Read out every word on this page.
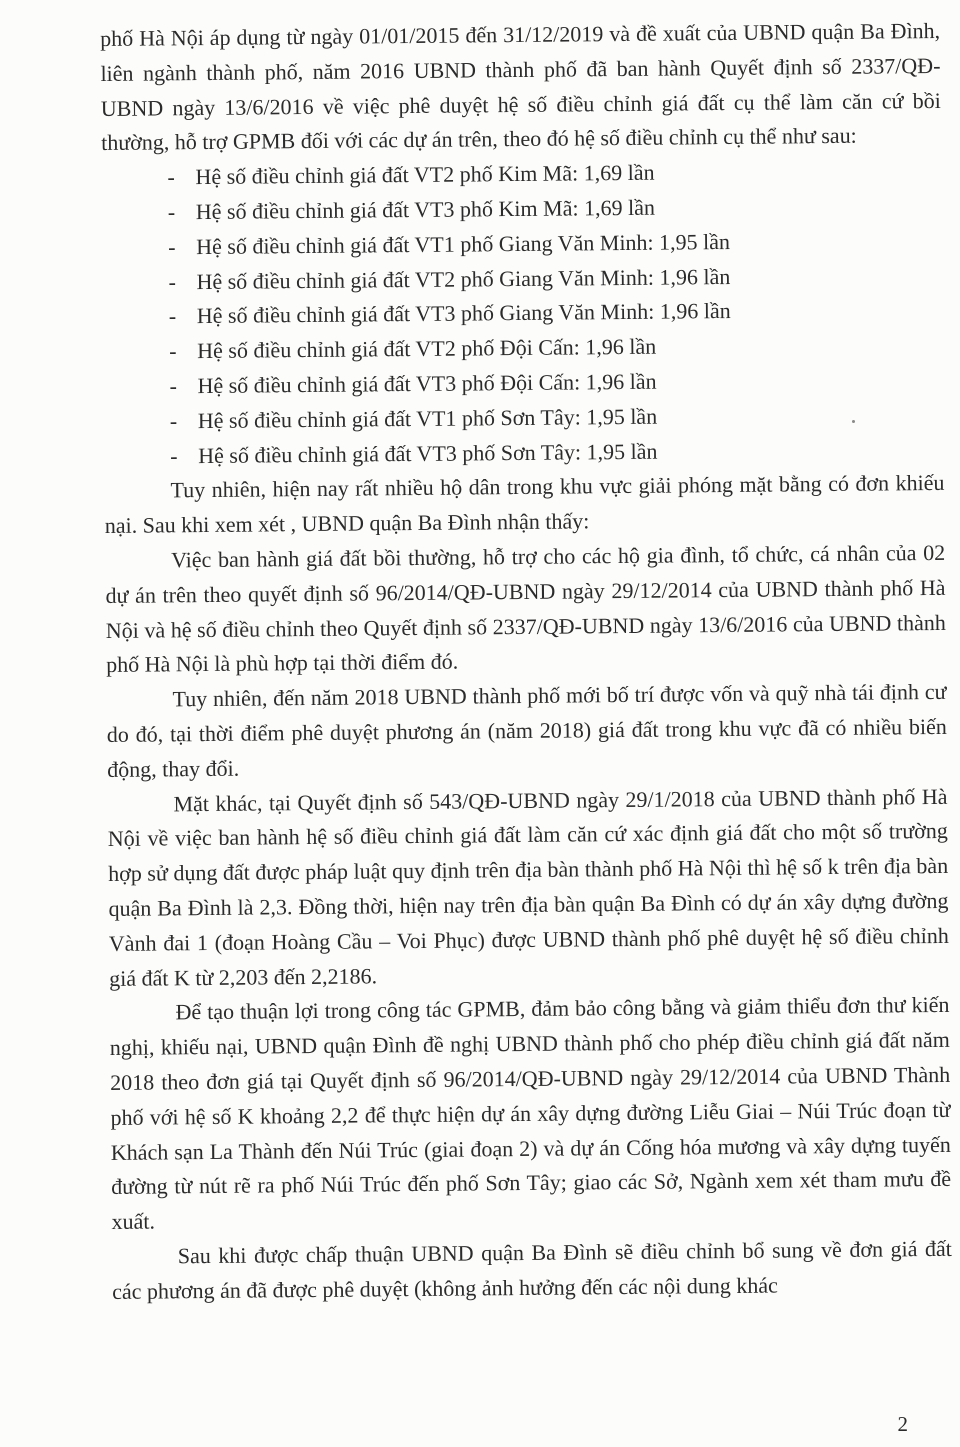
phố Hà Nội áp dụng từ ngày 01/01/2015 đến 31/12/2019 và đề xuất của UBND quận Ba Đình, liên ngành thành phố, năm 2016 UBND thành phố đã ban hành Quyết định số 2337/QĐ-UBND ngày 13/6/2016 về việc phê duyệt hệ số điều chỉnh giá đất cụ thể làm căn cứ bồi thường, hỗ trợ GPMB đối với các dự án trên, theo đó hệ số điều chỉnh cụ thể như sau:

- Hệ số điều chỉnh giá đất VT2 phố Kim Mã: 1,69 lần
- Hệ số điều chỉnh giá đất VT3 phố Kim Mã: 1,69 lần
- Hệ số điều chỉnh giá đất VT1 phố Giang Văn Minh: 1,95 lần
- Hệ số điều chỉnh giá đất VT2 phố Giang Văn Minh: 1,96 lần
- Hệ số điều chỉnh giá đất VT3 phố Giang Văn Minh: 1,96 lần
- Hệ số điều chỉnh giá đất VT2 phố Đội Cấn: 1,96 lần
- Hệ số điều chỉnh giá đất VT3 phố Đội Cấn: 1,96 lần
- Hệ số điều chỉnh giá đất VT1 phố Sơn Tây: 1,95 lần
- Hệ số điều chỉnh giá đất VT3 phố Sơn Tây: 1,95 lần

Tuy nhiên, hiện nay rất nhiều hộ dân trong khu vực giải phóng mặt bằng có đơn khiếu nại. Sau khi xem xét , UBND quận Ba Đình nhận thấy:

Việc ban hành giá đất bồi thường, hỗ trợ cho các hộ gia đình, tổ chức, cá nhân của 02 dự án trên theo quyết định số 96/2014/QĐ-UBND ngày 29/12/2014 của UBND thành phố Hà Nội và hệ số điều chỉnh theo Quyết định số 2337/QĐ-UBND ngày 13/6/2016 của UBND thành phố Hà Nội là phù hợp tại thời điểm đó.

Tuy nhiên, đến năm 2018 UBND thành phố mới bố trí được vốn và quỹ nhà tái định cư do đó, tại thời điểm phê duyệt phương án (năm 2018) giá đất trong khu vực đã có nhiều biến động, thay đổi.

Mặt khác, tại Quyết định số 543/QĐ-UBND ngày 29/1/2018 của UBND thành phố Hà Nội về việc ban hành hệ số điều chỉnh giá đất làm căn cứ xác định giá đất cho một số trường hợp sử dụng đất được pháp luật quy định trên địa bàn thành phố Hà Nội thì hệ số k trên địa bàn quận Ba Đình là 2,3. Đồng thời, hiện nay trên địa bàn quận Ba Đình có dự án xây dựng đường Vành đai 1 (đoạn Hoàng Cầu – Voi Phục) được UBND thành phố phê duyệt hệ số điều chỉnh giá đất K từ 2,203 đến 2,2186.

Để tạo thuận lợi trong công tác GPMB, đảm bảo công bằng và giảm thiểu đơn thư kiến nghị, khiếu nại, UBND quận Đình đề nghị UBND thành phố cho phép điều chỉnh giá đất năm 2018 theo đơn giá tại Quyết định số 96/2014/QĐ-UBND ngày 29/12/2014 của UBND Thành phố với hệ số K khoảng 2,2 để thực hiện dự án xây dựng đường Liễu Giai – Núi Trúc đoạn từ Khách sạn La Thành đến Núi Trúc (giai đoạn 2) và dự án Cống hóa mương và xây dựng tuyến đường từ nút rẽ ra phố Núi Trúc đến phố Sơn Tây; giao các Sở, Ngành xem xét tham mưu đề xuất.

Sau khi được chấp thuận UBND quận Ba Đình sẽ điều chỉnh bổ sung về đơn giá đất các phương án đã được phê duyệt (không ảnh hưởng đến các nội dung khác

2
